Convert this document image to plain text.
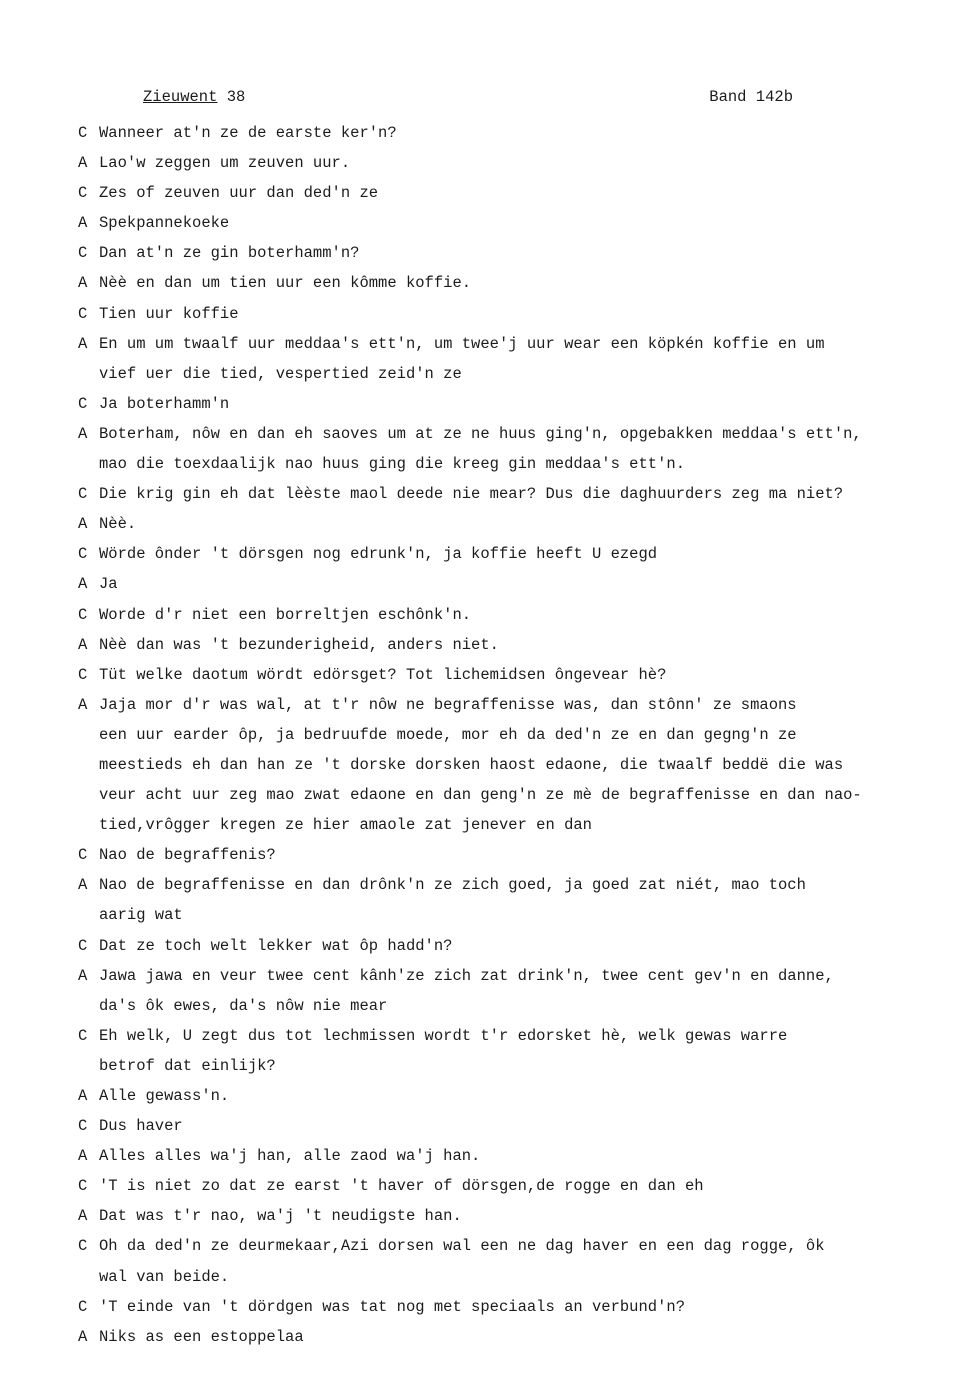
Zieuwent 38	Band 142b
C Wanneer at'n ze de earste ker'n?
A Lao'w zeggen um zeuven uur.
C Zes of zeuven uur dan ded'n ze
A Spekpannekoeke
C Dan at'n ze gin boterhamm'n?
A Nèè en dan um tien uur een kômme koffie.
C Tien uur koffie
A En um um twaalf uur meddaa's ett'n, um twee'j uur wear een köpkén koffie en um
vief uer die tied, vespertied zeid'n ze
C Ja boterhamm'n
A Boterham, nôw en dan eh saoves um at ze ne huus ging'n, opgebakken meddaa's ett'n,
mao die toexdaalijk nao huus ging die kreeg gin meddaa's ett'n.
C Die krig gin eh dat lèèste maol deede nie mear? Dus die daghuurders zeg ma niet?
A Nèè.
C Wörde ônder 't dörsgen nog edrunk'n, ja koffie heeft U ezegd
A Ja
C Worde d'r niet een borreltjen eschônk'n.
A Nèè dan was 't bezunderigheid, anders niet.
C Tüt welke daotum wördt edörsget? Tot lichemidsen ôngevear hè?
A Jaja mor d'r was wal, at t'r nôw ne begraffenisse was, dan stônn' ze smaons
een uur earder ôp, ja bedruufde moede, mor eh da ded'n ze en dan gegng'n ze
meestieds eh dan han ze 't dorske dorsken haost edaone, die twaalf beddë die was
veur acht uur zeg mao zwat edaone en dan geng'n ze mè de begraffenisse en dan nao-
tied,vrôgger kregen ze hier amaole zat jenever en dan
C Nao de begraffenis?
A Nao de begraffenisse en dan drônk'n ze zich goed, ja goed zat niét, mao toch
aarig wat
C Dat ze toch welt lekker wat ôp hadd'n?
A Jawa jawa en veur twee cent kânh'ze zich zat drink'n, twee cent gev'n en danne,
da's ôk ewes, da's nôw nie mear
C Eh welk, U zegt dus tot lechmissen wordt t'r edorsket hè, welk gewas warre
betrof dat einlijk?
A Alle gewass'n.
C Dus haver
A Alles alles wa'j han, alle zaod wa'j han.
C 'T is niet zo dat ze earst 't haver of dörsgen,de rogge en dan eh
A Dat was t'r nao, wa'j 't neudigste han.
C Oh da ded'n ze deurmekaar,Azi dorsen wal een ne dag haver en een dag rogge, ôk
wal van beide.
C 'T einde van 't dördgen was tat nog met speciaals an verbund'n?
A Niks as een estoppelaa
